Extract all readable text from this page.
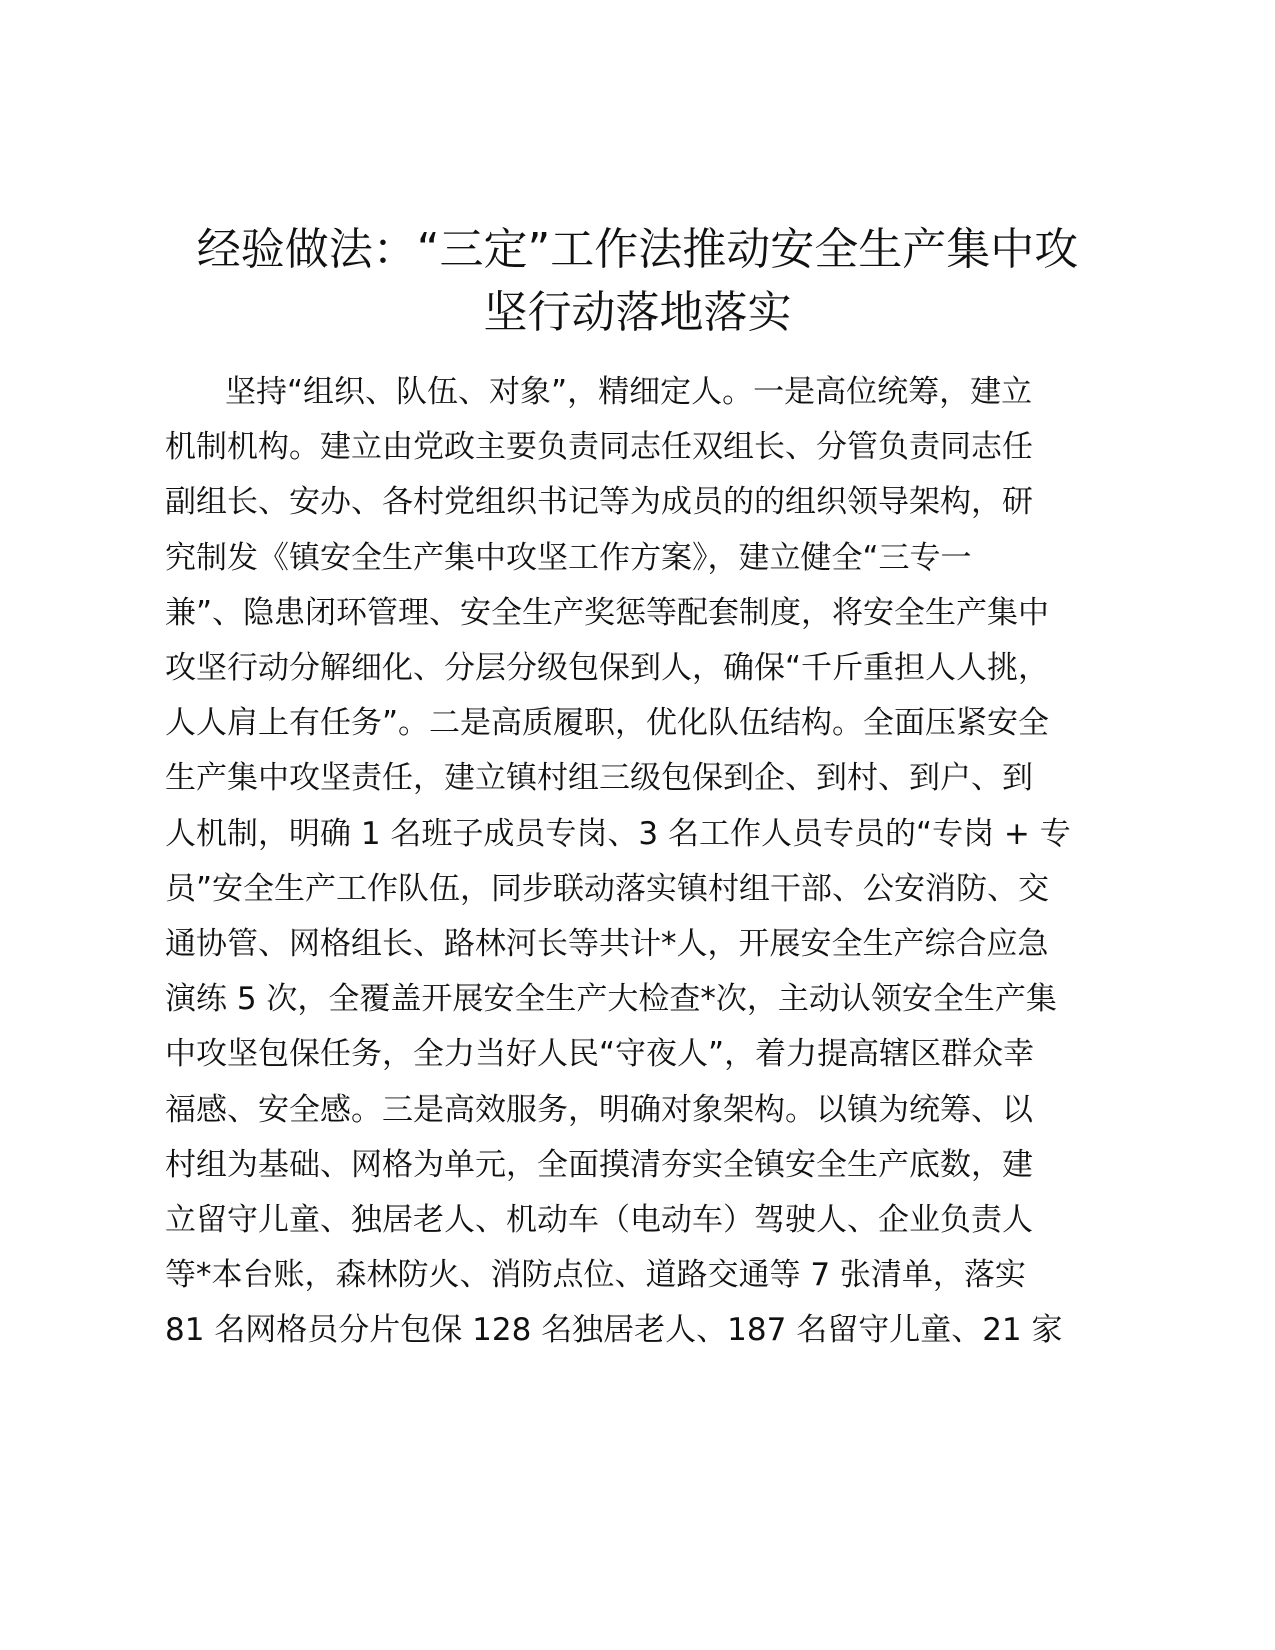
经验做法：“三定”工作法推动安全生产集中攻
坚行动落地落实
坚持“组织、队伍、对象”，精细定人。一是高位统筹，建立
机制机构。建立由党政主要负责同志任双组长、分管负责同志任
副组长、安办、各村党组织书记等为成员的的组织领导架构，研
究制发《镇安全生产集中攻坚工作方案》，建立健全“三专一
兼”、隐患闭环管理、安全生产奖惩等配套制度，将安全生产集中
攻坚行动分解细化、分层分级包保到人，确保“千斤重担人人挑，
人人肩上有任务”。二是高质履职，优化队伍结构。全面压紧安全
生产集中攻坚责任，建立镇村组三级包保到企、到村、到户、到
人机制，明确 1 名班子成员专岗、3 名工作人员专员的“专岗 + 专
员”安全生产工作队伍，同步联动落实镇村组干部、公安消防、交
通协管、网格组长、路林河长等共计*人，开展安全生产综合应急
演练 5 次，全覆盖开展安全生产大检查*次，主动认领安全生产集
中攻坚包保任务，全力当好人民“守夜人”，着力提高辖区群众幸
福感、安全感。三是高效服务，明确对象架构。以镇为统筹、以
村组为基础、网格为单元，全面摸清夯实全镇安全生产底数，建
立留守儿童、独居老人、机动车（电动车）驾驶人、企业负责人
等*本台账，森林防火、消防点位、道路交通等 7 张清单，落实
81 名网格员分片包保 128 名独居老人、187 名留守儿童、21 家
